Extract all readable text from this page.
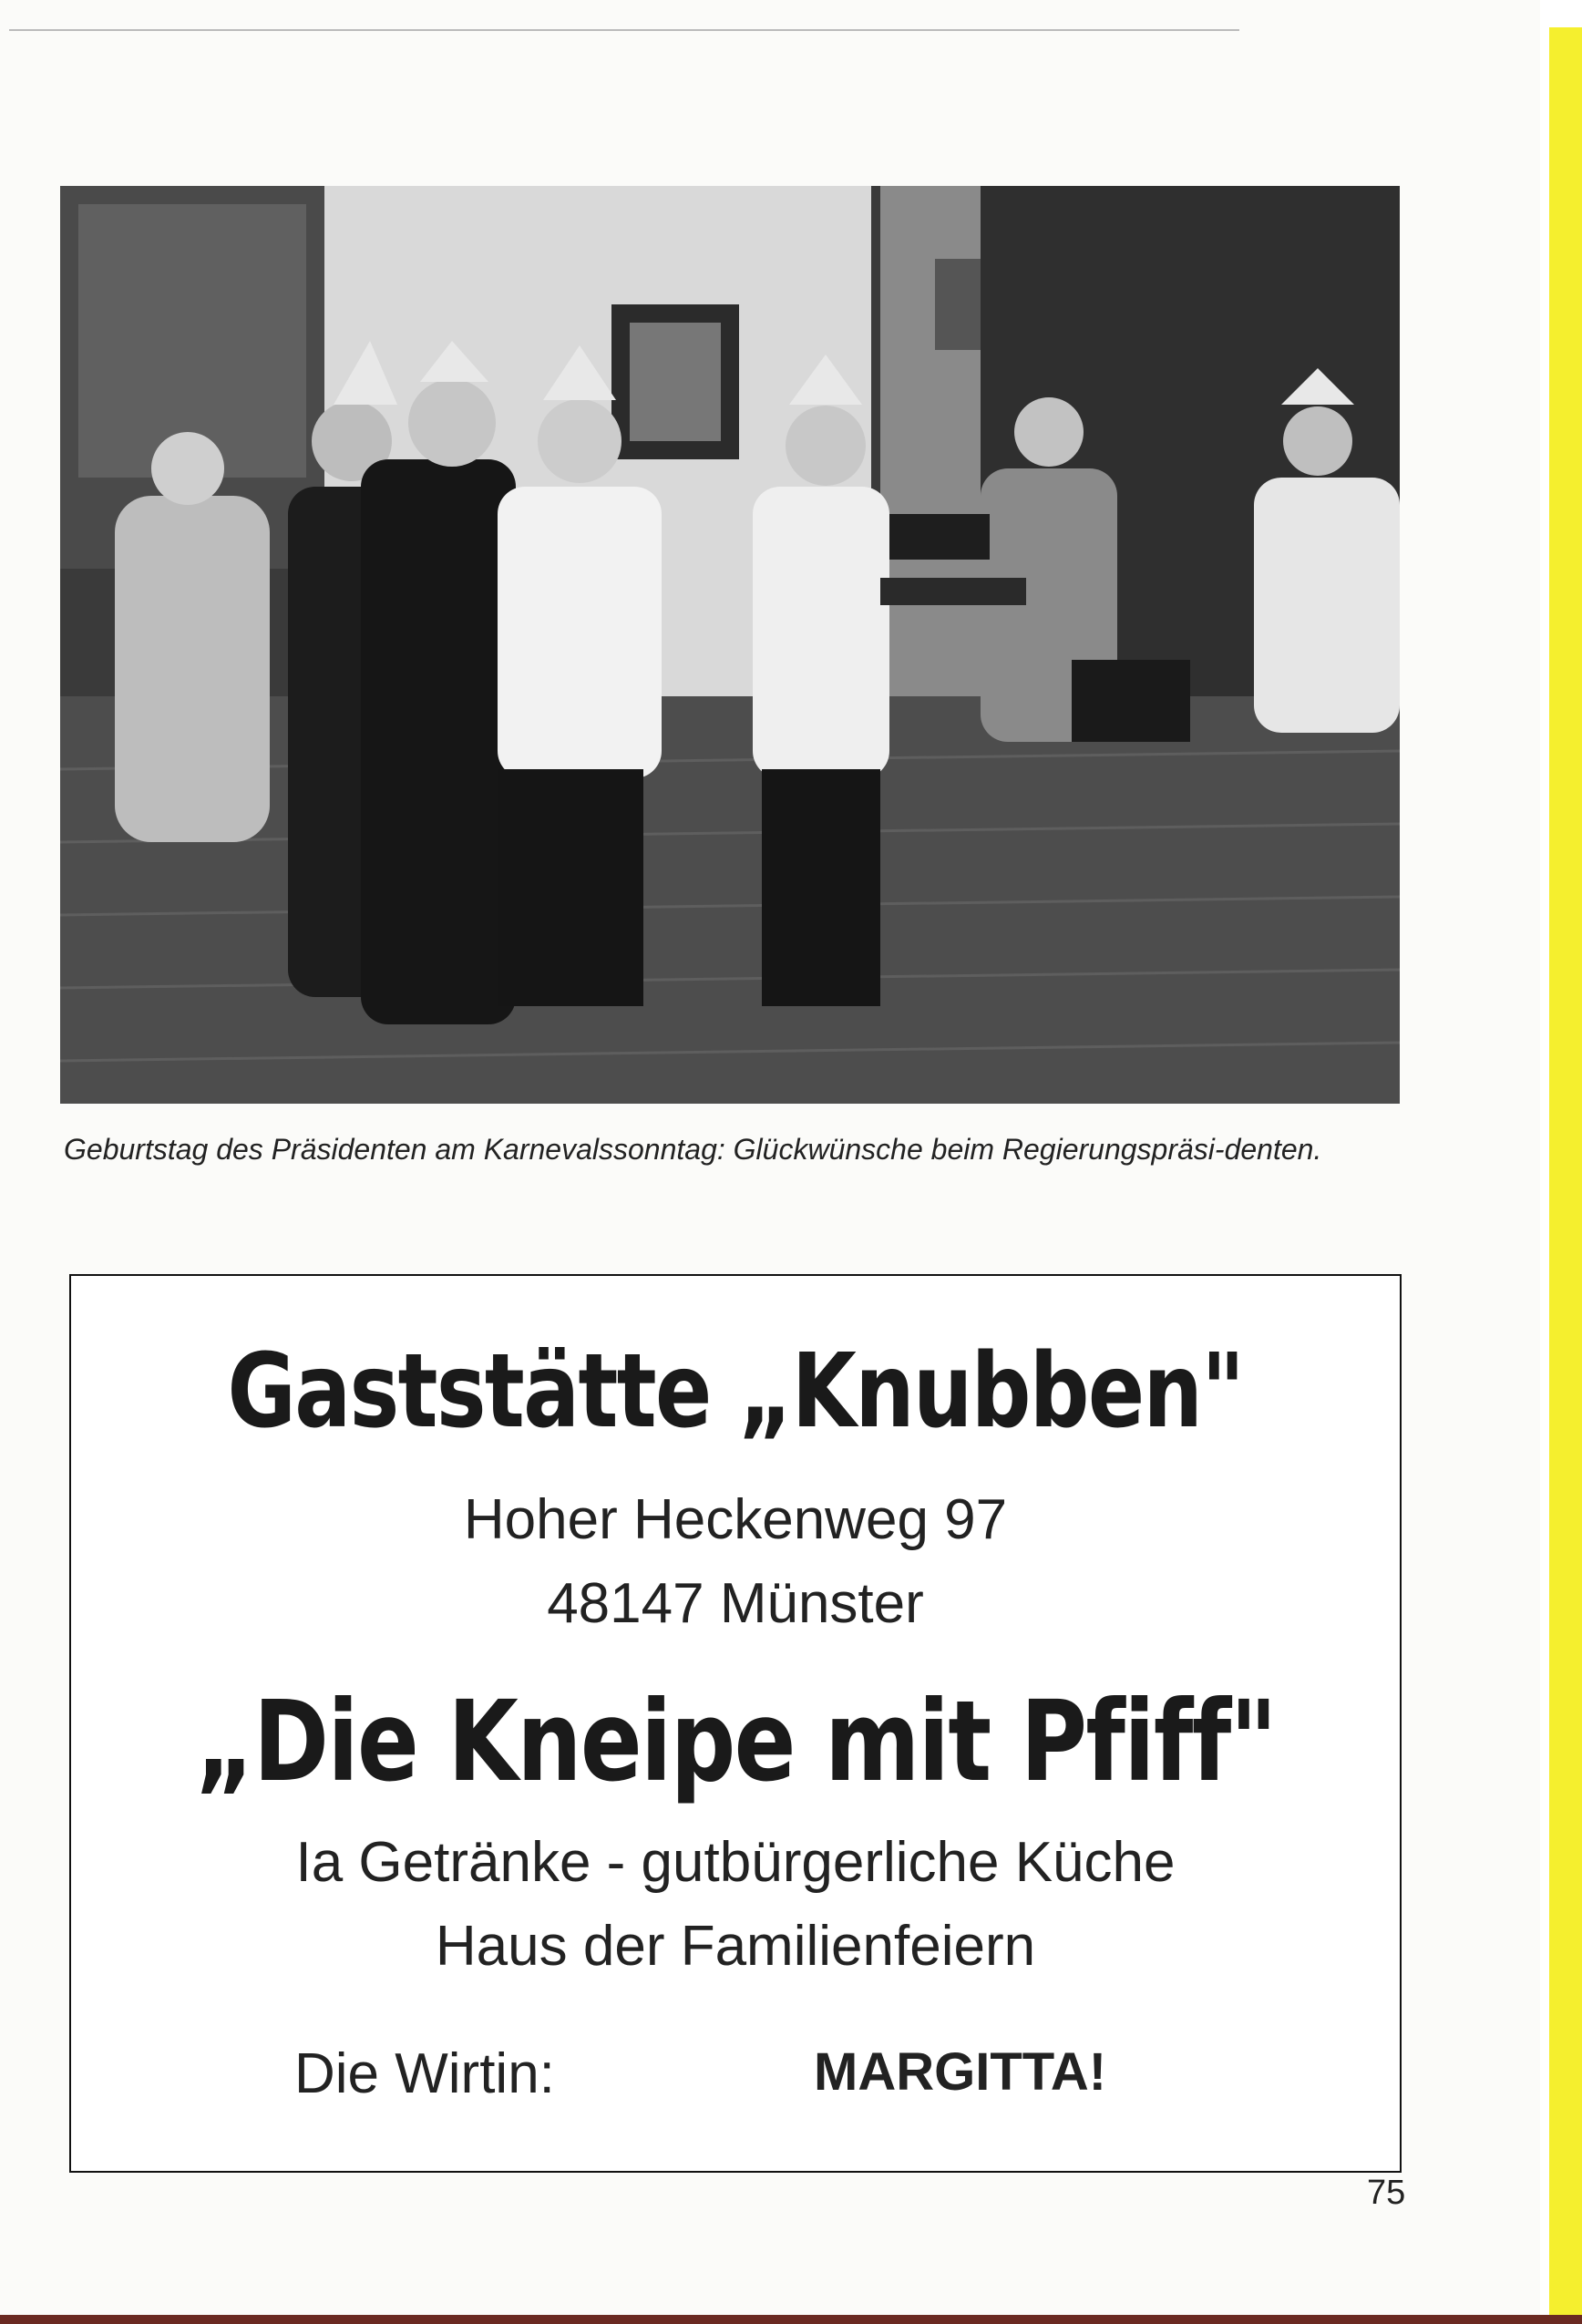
Geburtstag des Präsidenten am Karnevalssonntag: Glückwünsche beim Regierungspräsi-denten.
Gaststätte „Knubben"
Hoher Heckenweg 97
48147 Münster
„Die Kneipe mit Pfiff"
Ia Getränke - gutbürgerliche Küche
Haus der Familienfeiern
Die Wirtin:	MARGITTA!
75
